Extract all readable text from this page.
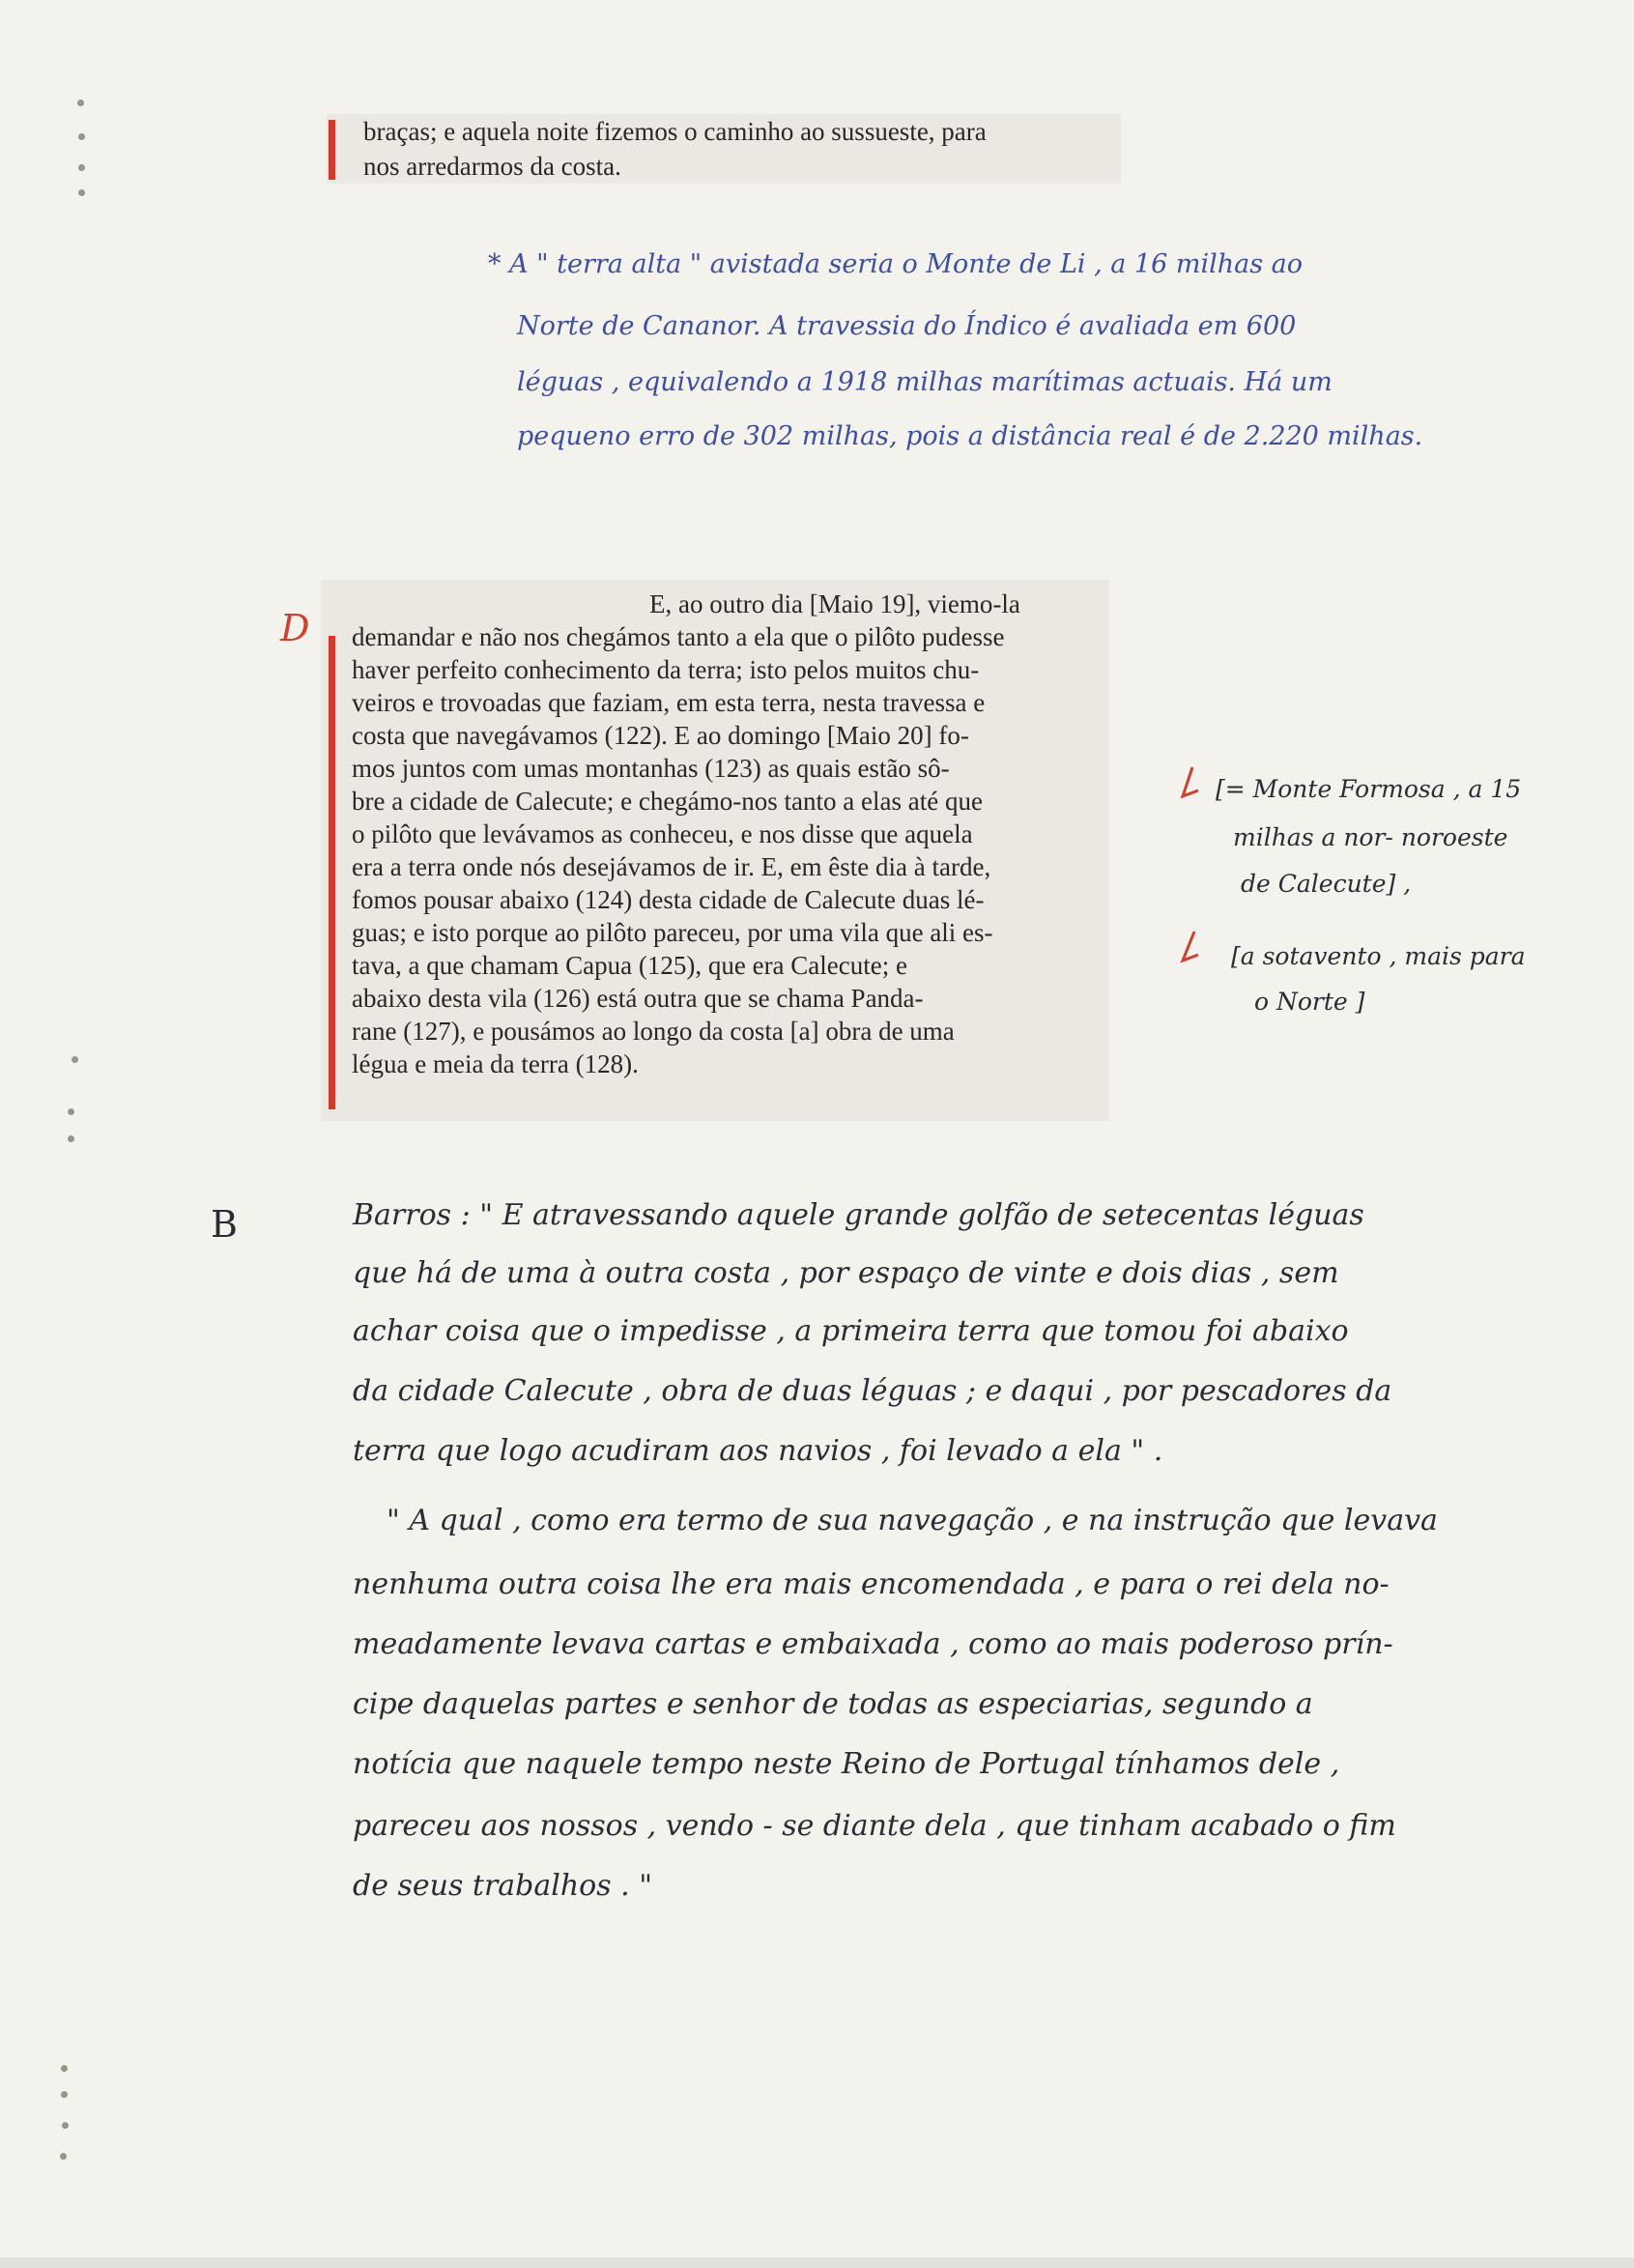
braças; e aquela noite fizemos o caminho ao sussueste, para
nos arredarmos da costa.
* A " terra alta " avistada seria o Monte de Li , a 16 milhas ao
Norte de Cananor. A travessia do Índico é avaliada em 600
léguas , equivalendo a 1918 milhas marítimas actuais. Há um
pequeno erro de 302 milhas, pois a distância real é de 2.220 milhas.
D
E, ao outro dia [Maio 19], viemo-la
demandar e não nos chegámos tanto a ela que o pilôto pudesse
haver perfeito conhecimento da terra; isto pelos muitos chu-
veiros e trovoadas que faziam, em esta terra, nesta travessa e
costa que navegávamos (122). E ao domingo [Maio 20] fo-
mos juntos com umas montanhas (123) as quais estão sô-
bre a cidade de Calecute; e chegámo-nos tanto a elas até que
o pilôto que levávamos as conheceu, e nos disse que aquela
era a terra onde nós desejávamos de ir. E, em êste dia à tarde,
fomos pousar abaixo (124) desta cidade de Calecute duas lé-
guas; e isto porque ao pilôto pareceu, por uma vila que ali es-
tava, a que chamam Capua (125), que era Calecute; e
abaixo desta vila (126) está outra que se chama Panda-
rane (127), e pousámos ao longo da costa [a] obra de uma
légua e meia da terra (128).
[= Monte Formosa , a 15
milhas a nor- noroeste
de Calecute] ,
[a sotavento , mais para
o Norte ]
B	Barros : " E atravessando aquele grande golfão de setecentas léguas
que há de uma à outra costa , por espaço de vinte e dois dias , sem
achar coisa que o impedisse , a primeira terra que tomou foi abaixo
da cidade Calecute , obra de duas léguas ; e daqui , por pescadores da
terra que logo acudiram aos navios , foi levado a ela " .
" A qual , como era termo de sua navegação , e na instrução que levava
nenhuma outra coisa lhe era mais encomendada , e para o rei dela no-
meadamente levava cartas e embaixada , como ao mais poderoso prín-
cipe daquelas partes e senhor de todas as especiarias, segundo a
notícia que naquele tempo neste Reino de Portugal tínhamos dele ,
pareceu aos nossos , vendo - se diante dela , que tinham acabado o fim
de seus trabalhos . "
